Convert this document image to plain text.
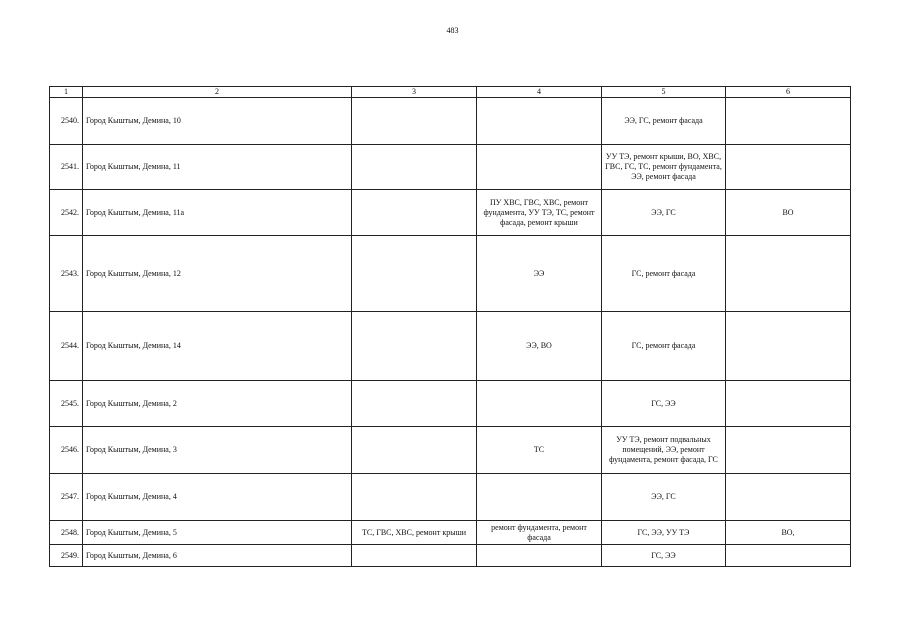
483
1	2	3	4	5	6
2540.	Город Кыштым, Демина, 10			ЭЭ, ГС, ремонт фасада	
2541.	Город Кыштым, Демина, 11			УУ ТЭ, ремонт крыши, ВО, ХВС, ГВС, ГС, ТС, ремонт фундамента, ЭЭ, ремонт фасада	
2542.	Город Кыштым, Демина, 11а		ПУ ХВС, ГВС, ХВС, ремонт фундамента, УУ ТЭ, ТС, ремонт фасада, ремонт крыши	ЭЭ, ГС	ВО
2543.	Город Кыштым, Демина, 12		ЭЭ	ГС, ремонт фасада	
2544.	Город Кыштым, Демина, 14		ЭЭ, ВО	ГС, ремонт фасада	
2545.	Город Кыштым, Демина, 2			ГС, ЭЭ	
2546.	Город Кыштым, Демина, 3		ТС	УУ ТЭ, ремонт подвальных помещений, ЭЭ, ремонт фундамента, ремонт фасада, ГС	
2547.	Город Кыштым, Демина, 4			ЭЭ, ГС	
2548.	Город Кыштым, Демина, 5	ТС, ГВС, ХВС, ремонт крыши	ремонт фундамента, ремонт фасада	ГС, ЭЭ, УУ ТЭ	ВО,
2549.	Город Кыштым, Демина, 6			ГС, ЭЭ	
